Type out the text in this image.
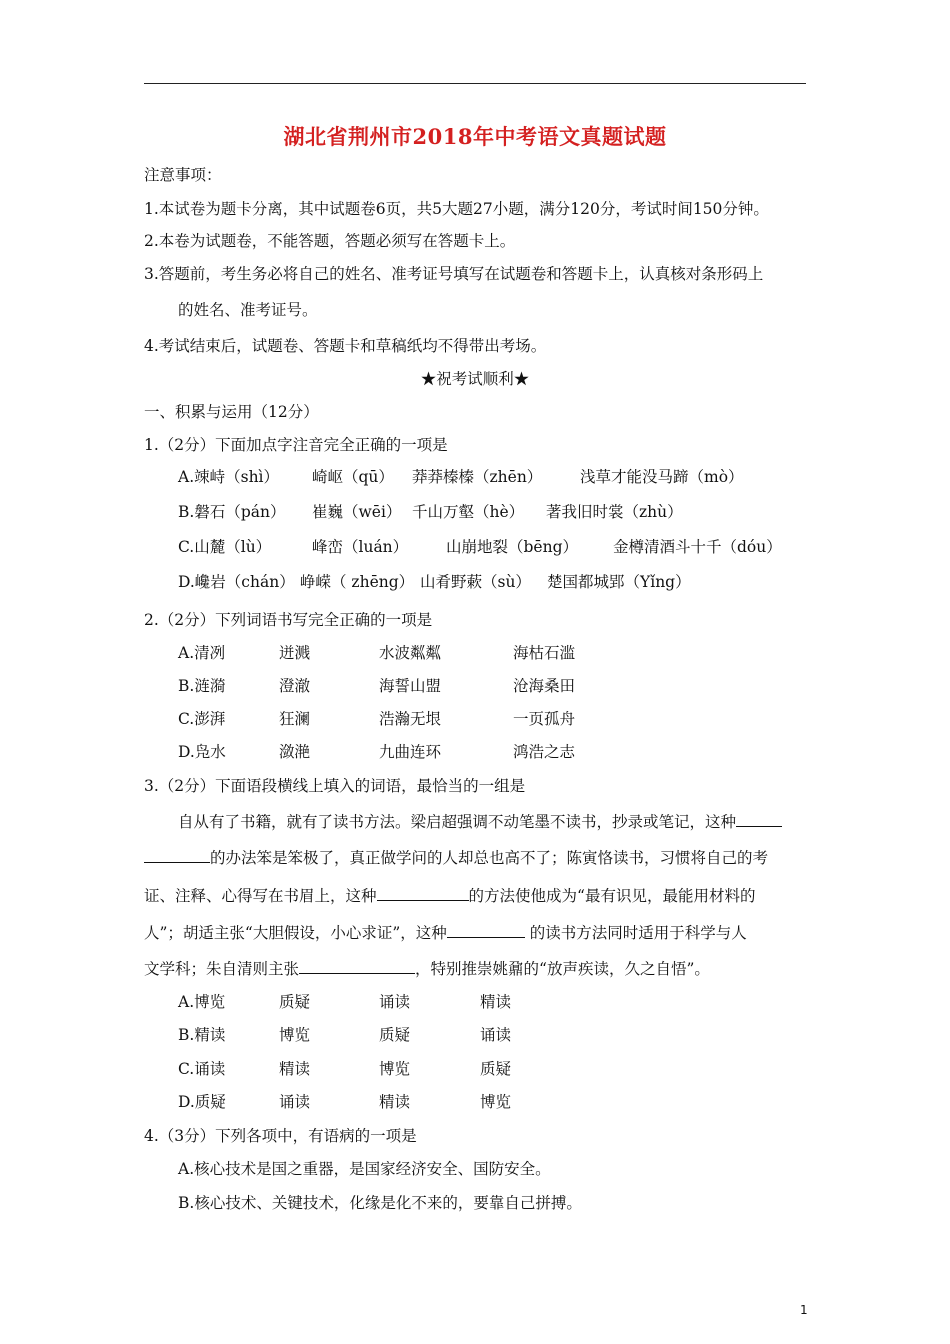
湖北省荆州市2018年中考语文真题试题
注意事项：
1.本试卷为题卡分离，其中试题卷6页，共5大题27小题，满分120分，考试时间150分钟。
2.本卷为试题卷，不能答题，答题必须写在答题卡上。
3.答题前，考生务必将自己的姓名、准考证号填写在试题卷和答题卡上，认真核对条形码上
的姓名、准考证号。
4.考试结束后，试题卷、答题卡和草稿纸均不得带出考场。
★祝考试顺利★
一、积累与运用（12分）
1.（2分）下面加点字注音完全正确的一项是
A.竦峙（shì） 崎岖（qū） 莽莽榛榛（zhēn） 浅草才能没马蹄（mò）
B.磐石（pán） 崔巍（wēi） 千山万壑（hè） 著我旧时裳（zhù）
C.山麓（lù）	峰峦（luán） 山崩地裂（bēng） 金樽清酒斗十千（dóu）
D.巉岩（chán） 峥嵘（ zhēng） 山肴野蔌（sù） 楚国都城郢（Yǐng）
2.（2分）下列词语书写完全正确的一项是
A.清冽	迸溅	水波粼粼	海枯石滥
B.涟漪	澄澈	海誓山盟	沧海桑田
C.澎湃	狂澜	浩瀚无垠	一页孤舟
D.凫水	潋滟	九曲连环	鸿浩之志
3.（2分）下面语段横线上填入的词语，最恰当的一组是
自从有了书籍，就有了读书方法。梁启超强调不动笔墨不读书，抄录或笔记，这种
的办法笨是笨极了，真正做学问的人却总也高不了；陈寅恪读书，习惯将自己的考
证、注释、心得写在书眉上，这种	的方法使他成为“最有识见，最能用材料的
人”；胡适主张“大胆假设，小心求证”，这种	的读书方法同时适用于科学与人
文学科；朱自清则主张	，特别推崇姚鼐的“放声疾读，久之自悟”。
A.博览	质疑	诵读	精读
B.精读	博览	质疑	诵读
C.诵读	精读	博览	质疑
D.质疑	诵读	精读	博览
4.（3分）下列各项中，有语病的一项是
A.核心技术是国之重器，是国家经济安全、国防安全。
B.核心技术、关键技术，化缘是化不来的，要靠自己拼搏。
1
